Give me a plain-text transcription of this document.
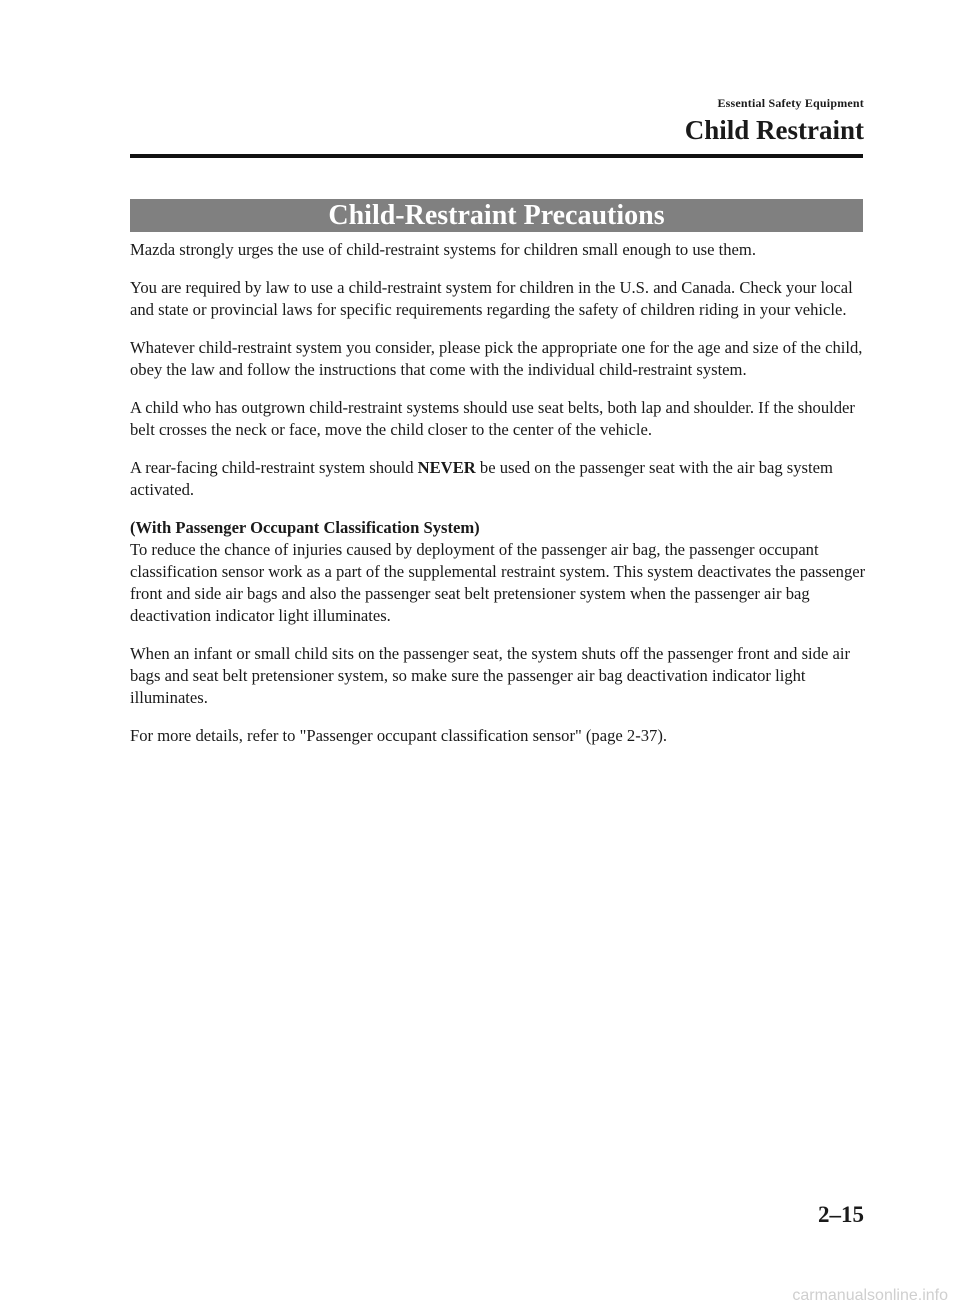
Essential Safety Equipment
Child Restraint
Child-Restraint Precautions

Mazda strongly urges the use of child-restraint systems for children small enough to use them.

You are required by law to use a child-restraint system for children in the U.S. and Canada. Check your local and state or provincial laws for specific requirements regarding the safety of children riding in your vehicle.

Whatever child-restraint system you consider, please pick the appropriate one for the age and size of the child, obey the law and follow the instructions that come with the individual child-restraint system.

A child who has outgrown child-restraint systems should use seat belts, both lap and shoulder. If the shoulder belt crosses the neck or face, move the child closer to the center of the vehicle.

A rear-facing child-restraint system should NEVER be used on the passenger seat with the air bag system activated.

(With Passenger Occupant Classification System)

To reduce the chance of injuries caused by deployment of the passenger air bag, the passenger occupant classification sensor work as a part of the supplemental restraint system. This system deactivates the passenger front and side air bags and also the passenger seat belt pretensioner system when the passenger air bag deactivation indicator light illuminates.

When an infant or small child sits on the passenger seat, the system shuts off the passenger front and side air bags and seat belt pretensioner system, so make sure the passenger air bag deactivation indicator light illuminates.

For more details, refer to "Passenger occupant classification sensor" (page 2-37).

2–15
carmanualsonline.info
